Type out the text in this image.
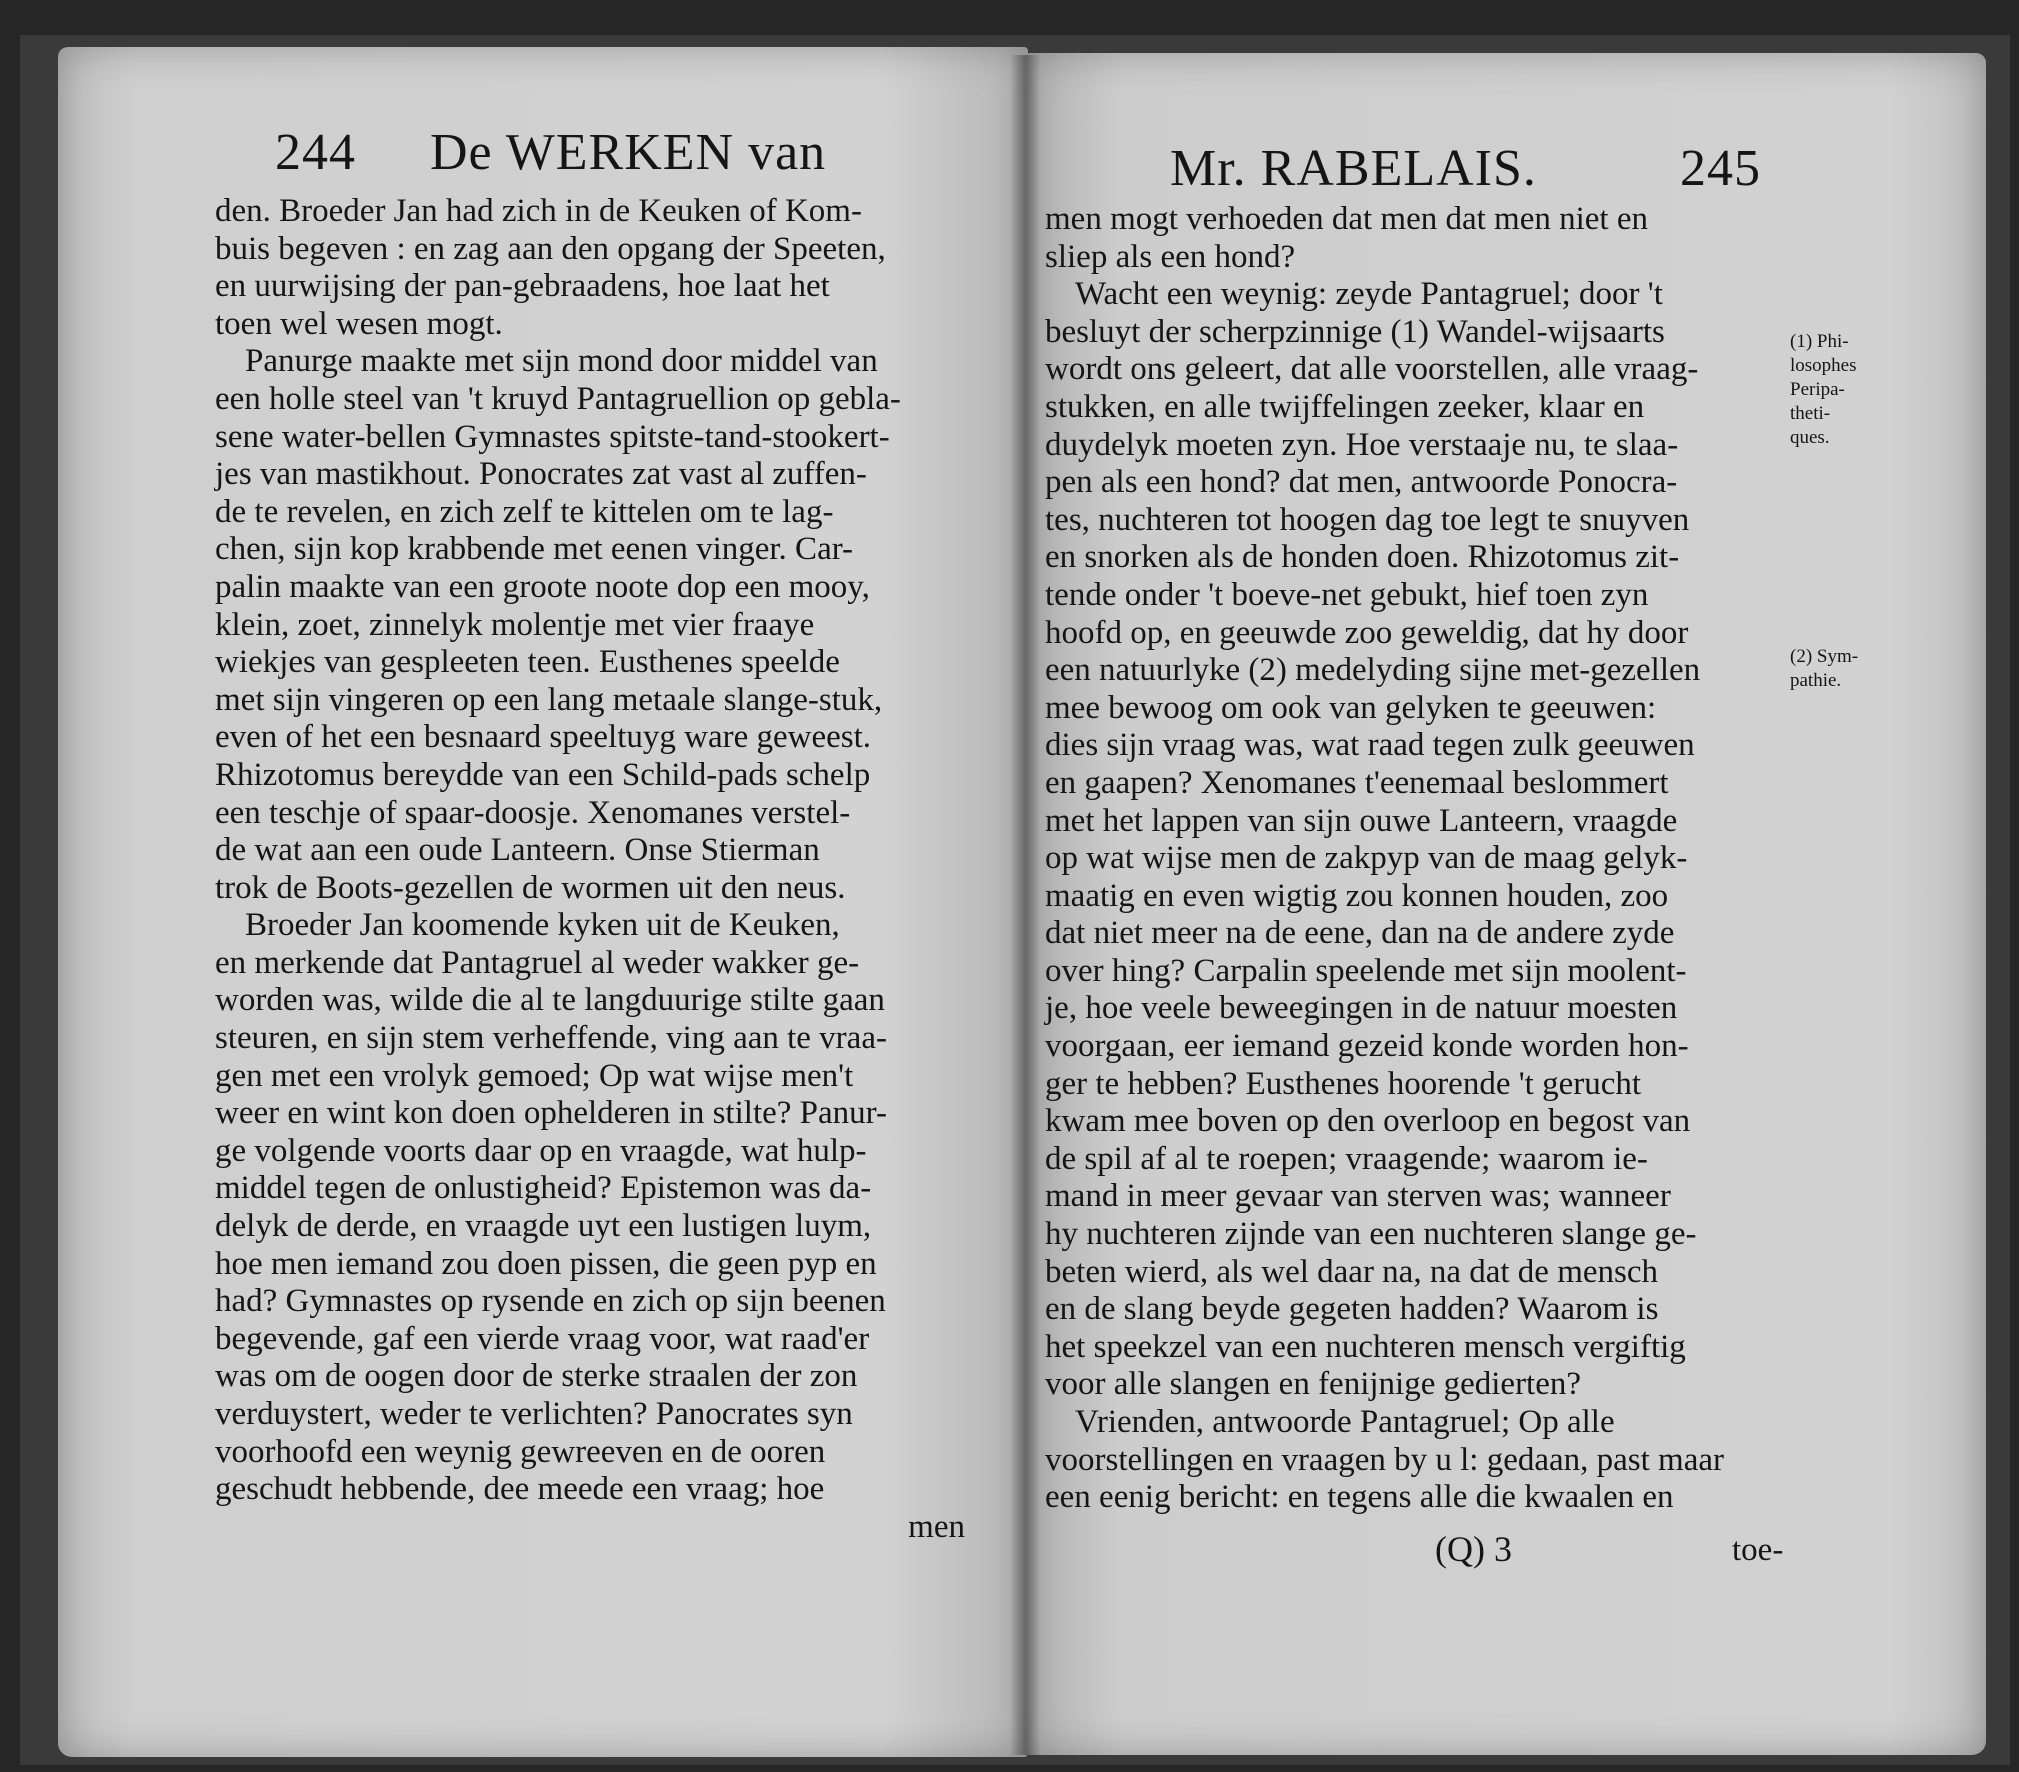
244 De WERKEN van
den. Broeder Jan had zich in de Keuken of Kom-
buis begeven : en zag aan den opgang der Speeten,
en uurwijsing der pan-gebraadens, hoe laat het
toen wel wesen mogt.
Panurge maakte met sijn mond door middel van
een holle steel van 't kruyd Pantagruellion op gebla-
sene water-bellen Gymnastes spitste-tand-stookert-
jes van mastikhout. Ponocrates zat vast al zuffen-
de te revelen, en zich zelf te kittelen om te lag-
chen, sijn kop krabbende met eenen vinger. Car-
palin maakte van een groote noote dop een mooy,
klein, zoet, zinnelyk molentje met vier fraaye
wiekjes van gespleeten teen. Eusthenes speelde
met sijn vingeren op een lang metaale slange-stuk,
even of het een besnaard speeltuyg ware geweest.
Rhizotomus bereydde van een Schild-pads schelp
een teschje of spaar-doosje. Xenomanes verstel-
de wat aan een oude Lanteern. Onse Stierman
trok de Boots-gezellen de wormen uit den neus.
Broeder Jan koomende kyken uit de Keuken,
en merkende dat Pantagruel al weder wakker ge-
worden was, wilde die al te langduurige stilte gaan
steuren, en sijn stem verheffende, ving aan te vraa-
gen met een vrolyk gemoed; Op wat wijse men't
weer en wint kon doen ophelderen in stilte? Panur-
ge volgende voorts daar op en vraagde, wat hulp-
middel tegen de onlustigheid? Epistemon was da-
delyk de derde, en vraagde uyt een lustigen luym,
hoe men iemand zou doen pissen, die geen pyp en
had? Gymnastes op rysende en zich op sijn beenen
begevende, gaf een vierde vraag voor, wat raad'er
was om de oogen door de sterke straalen der zon
verduystert, weder te verlichten? Panocrates syn
voorhoofd een weynig gewreeven en de ooren
geschudt hebbende, dee meede een vraag; hoe
men
Mr. RABELAIS.	245
men mogt verhoeden dat men dat men niet en
sliep als een hond?
Wacht een weynig: zeyde Pantagruel; door 't
besluyt der scherpzinnige (1) Wandel-wijsaarts
wordt ons geleert, dat alle voorstellen, alle vraag-
stukken, en alle twijffelingen zeeker, klaar en
duydelyk moeten zyn. Hoe verstaaje nu, te slaa-
pen als een hond? dat men, antwoorde Ponocra-
tes, nuchteren tot hoogen dag toe legt te snuyven
en snorken als de honden doen. Rhizotomus zit-
tende onder 't boeve-net gebukt, hief toen zyn
hoofd op, en geeuwde zoo geweldig, dat hy door
een natuurlyke (2) medelyding sijne met-gezellen
mee bewoog om ook van gelyken te geeuwen:
dies sijn vraag was, wat raad tegen zulk geeuwen
en gaapen? Xenomanes t'eenemaal beslommert
met het lappen van sijn ouwe Lanteern, vraagde
op wat wijse men de zakpyp van de maag gelyk-
maatig en even wigtig zou konnen houden, zoo
dat niet meer na de eene, dan na de andere zyde
over hing? Carpalin speelende met sijn moolent-
je, hoe veele beweegingen in de natuur moesten
voorgaan, eer iemand gezeid konde worden hon-
ger te hebben? Eusthenes hoorende 't gerucht
kwam mee boven op den overloop en begost van
de spil af al te roepen; vraagende; waarom ie-
mand in meer gevaar van sterven was; wanneer
hy nuchteren zijnde van een nuchteren slange ge-
beten wierd, als wel daar na, na dat de mensch
en de slang beyde gegeten hadden? Waarom is
het speekzel van een nuchteren mensch vergiftig
voor alle slangen en fenijnige gedierten?
Vrienden, antwoorde Pantagruel; Op alle
voorstellingen en vraagen by u l: gedaan, past maar
een eenig bericht: en tegens alle die kwaalen en
(Q) 3	toe-
(1) Phi-
losophes
Peripa-
theti-
ques.
(2) Sym-
pathie.
